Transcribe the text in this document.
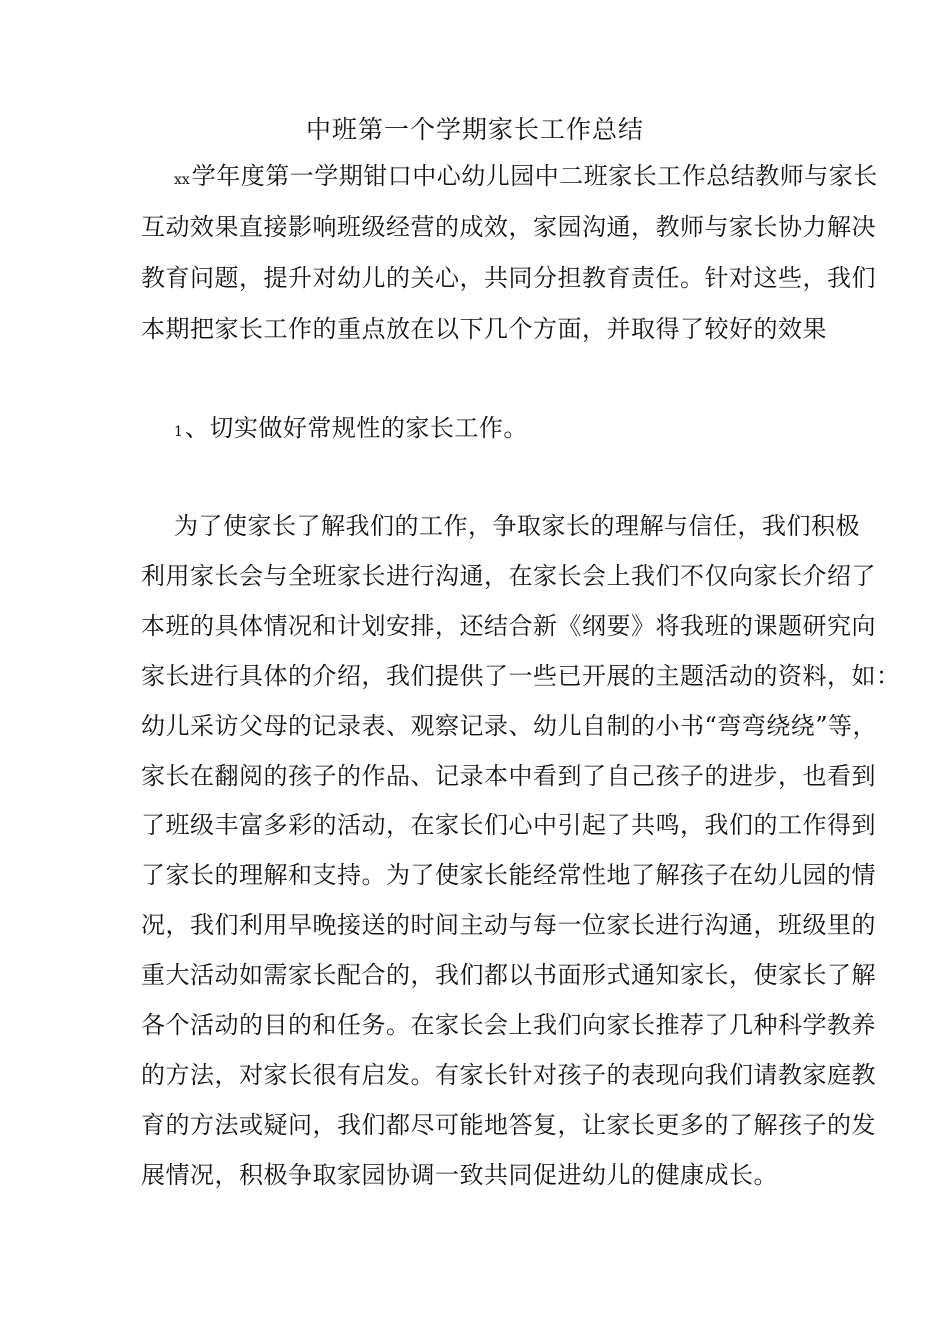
中班第一个学期家长工作总结
xx学年度第一学期钳口中心幼儿园中二班家长工作总结教师与家长
互动效果直接影响班级经营的成效，家园沟通，教师与家长协力解决
教育问题，提升对幼儿的关心，共同分担教育责任。针对这些，我们
本期把家长工作的重点放在以下几个方面，并取得了较好的效果
1、切实做好常规性的家长工作。
为了使家长了解我们的工作，争取家长的理解与信任，我们积极
利用家长会与全班家长进行沟通，在家长会上我们不仅向家长介绍了
本班的具体情况和计划安排，还结合新《纲要》将我班的课题研究向
家长进行具体的介绍，我们提供了一些已开展的主题活动的资料，如：
幼儿采访父母的记录表、观察记录、幼儿自制的小书“弯弯绕绕”等，
家长在翻阅的孩子的作品、记录本中看到了自己孩子的进步，也看到
了班级丰富多彩的活动，在家长们心中引起了共鸣，我们的工作得到
了家长的理解和支持。为了使家长能经常性地了解孩子在幼儿园的情
况，我们利用早晚接送的时间主动与每一位家长进行沟通，班级里的
重大活动如需家长配合的，我们都以书面形式通知家长，使家长了解
各个活动的目的和任务。在家长会上我们向家长推荐了几种科学教养
的方法，对家长很有启发。有家长针对孩子的表现向我们请教家庭教
育的方法或疑问，我们都尽可能地答复，让家长更多的了解孩子的发
展情况，积极争取家园协调一致共同促进幼儿的健康成长。
